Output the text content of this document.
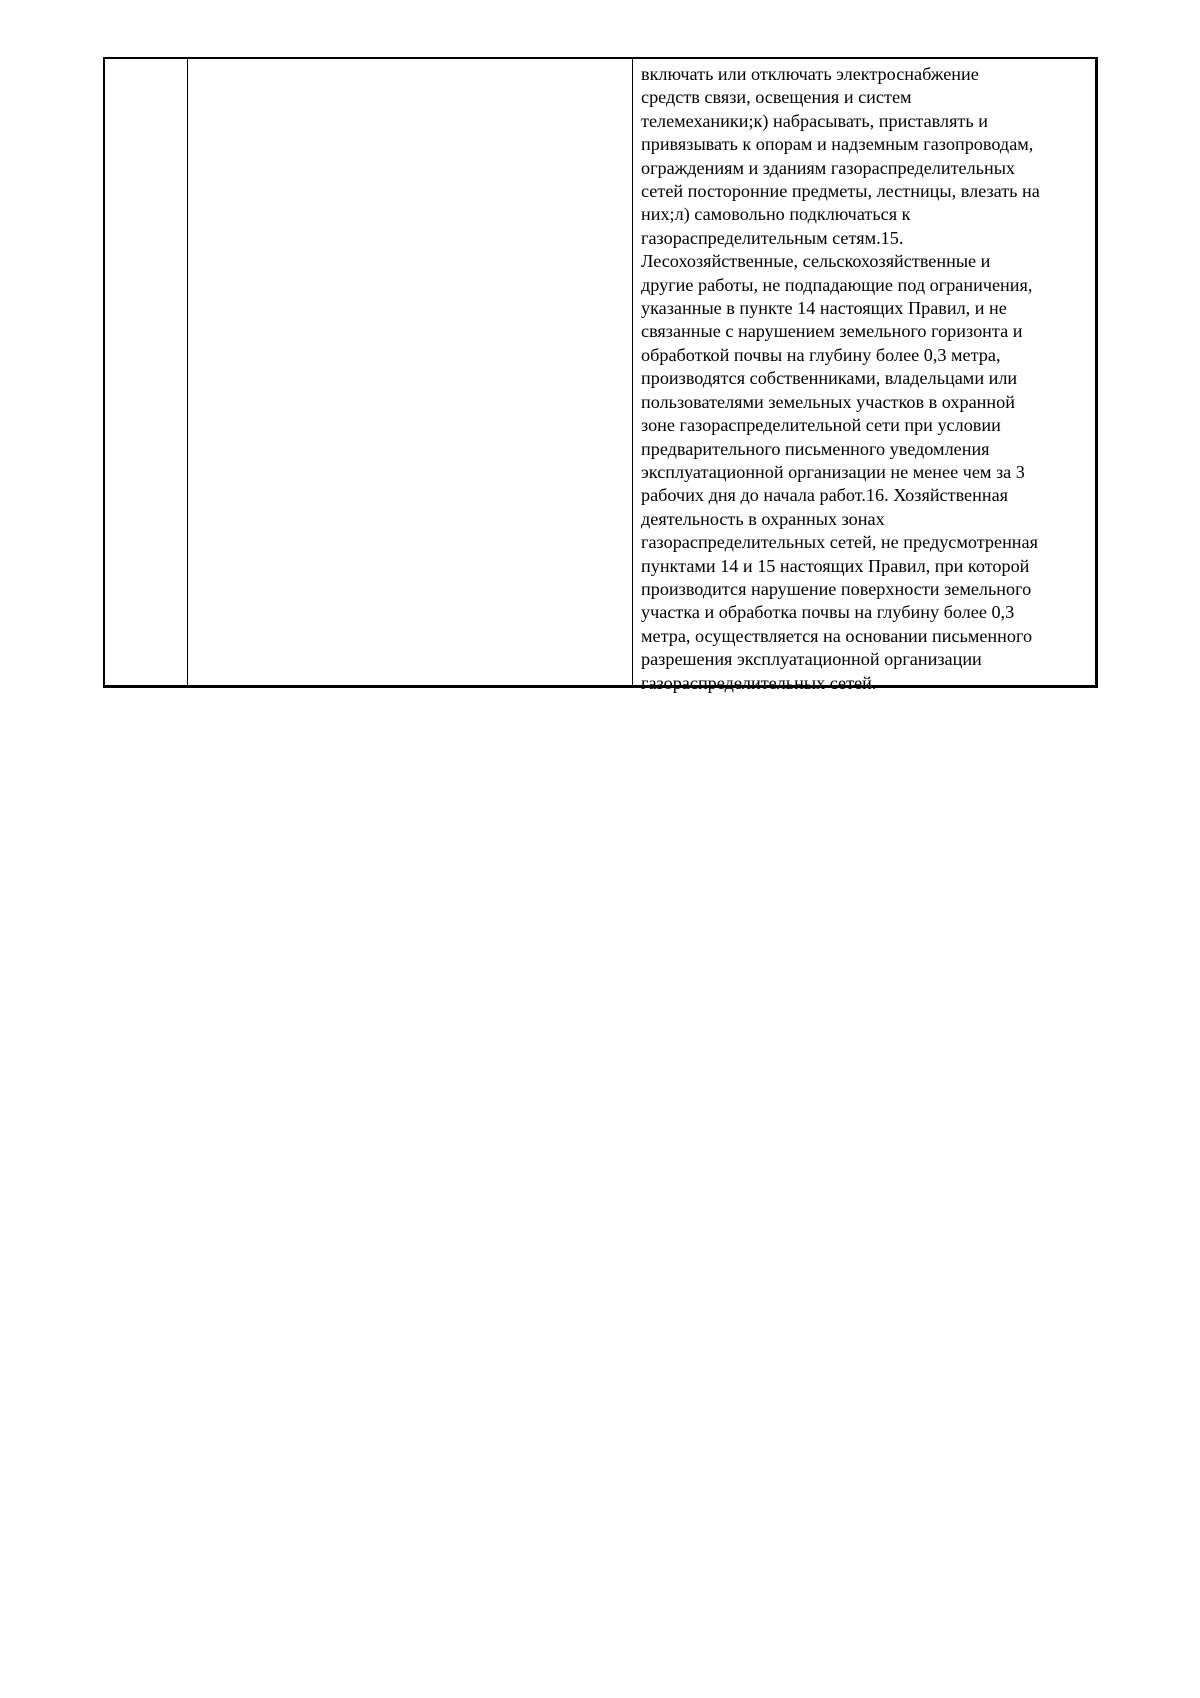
включать или отключать электроснабжение
средств связи, освещения и систем
телемеханики;к) набрасывать, приставлять и
привязывать к опорам и надземным газопроводам,
ограждениям и зданиям газораспределительных
сетей посторонние предметы, лестницы, влезать на
них;л) самовольно подключаться к
газораспределительным сетям.15.
Лесохозяйственные, сельскохозяйственные и
другие работы, не подпадающие под ограничения,
указанные в пункте 14 настоящих Правил, и не
связанные с нарушением земельного горизонта и
обработкой почвы на глубину более 0,3 метра,
производятся собственниками, владельцами или
пользователями земельных участков в охранной
зоне газораспределительной сети при условии
предварительного письменного уведомления
эксплуатационной организации не менее чем за 3
рабочих дня до начала работ.16. Хозяйственная
деятельность в охранных зонах
газораспределительных сетей, не предусмотренная
пунктами 14 и 15 настоящих Правил, при которой
производится нарушение поверхности земельного
участка и обработка почвы на глубину более 0,3
метра, осуществляется на основании письменного
разрешения эксплуатационной организации
газораспределительных сетей.
